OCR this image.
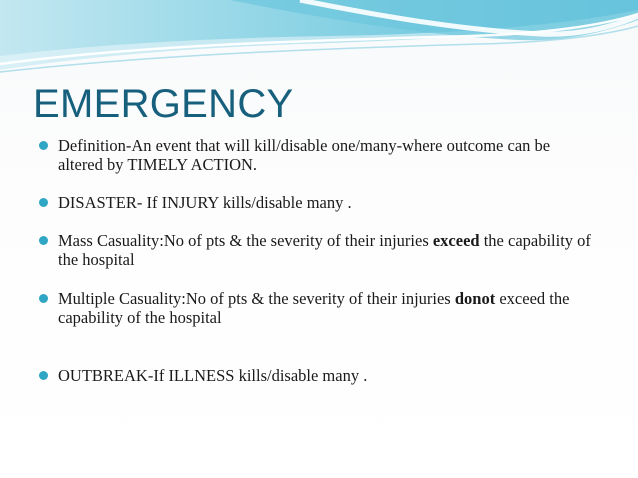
EMERGENCY
Definition-An event that will kill/disable one/many-where outcome can be altered by TIMELY ACTION.
DISASTER- If INJURY kills/disable many .
Mass Casuality:No of pts & the severity of their injuries exceed the capability of the hospital
Multiple Casuality:No of pts & the severity of their injuries donot exceed the capability of the hospital
OUTBREAK-If ILLNESS kills/disable many .
